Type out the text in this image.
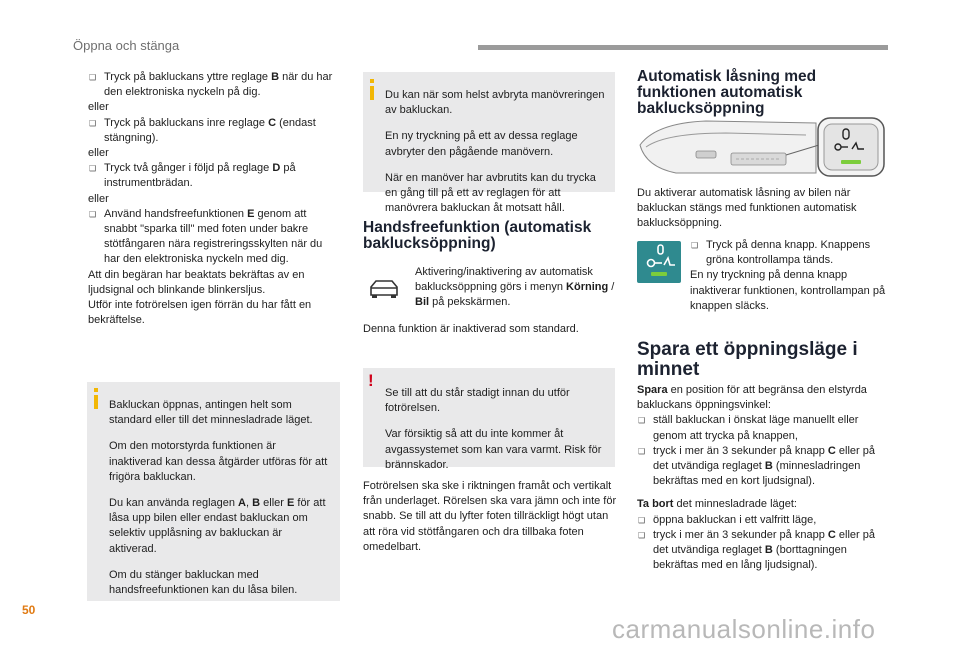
Öppna och stänga

❑ Tryck på bakluckans yttre reglage B när du har den elektroniska nyckeln på dig.

eller

❑ Tryck på bakluckans inre reglage C (endast stängning).

eller

❑ Tryck två gånger i följd på reglage D på instrumentbrädan.

eller

❑ Använd handsfreefunktionen E genom att snabbt "sparka till" med foten under bakre stötfångaren nära registreringsskylten när du har den elektroniska nyckeln med dig.

Att din begäran har beaktats bekräftas av en ljudsignal och blinkande blinkersljus.

Utför inte fotrörelsen igen förrän du har fått en bekräftelse.

Bakluckan öppnas, antingen helt som standard eller till det minnesladrade läget.

Om den motorstyrda funktionen är inaktiverad kan dessa åtgärder utföras för att frigöra bakluckan.

Du kan använda reglagen A, B eller E för att låsa upp bilen eller endast bakluckan om selektiv upplåsning av bakluckan är aktiverad.

Om du stänger bakluckan med handsfreefunktionen kan du låsa bilen.

Du kan när som helst avbryta manövreringen av bakluckan.

En ny tryckning på ett av dessa reglage avbryter den pågående manövern.

När en manöver har avbrutits kan du trycka en gång till på ett av reglagen för att manövrera bakluckan åt motsatt håll.

Handsfreefunktion (automatisk baklucksöppning)

Aktivering/inaktivering av automatisk baklucksöppning görs i menyn Körning / Bil på pekskärmen.

Denna funktion är inaktiverad som standard.

!

Se till att du står stadigt innan du utför fotrörelsen.

Var försiktig så att du inte kommer åt avgassystemet som kan vara varmt. Risk för brännskador.

Fotrörelsen ska ske i riktningen framåt och vertikalt från underlaget. Rörelsen ska vara jämn och inte för snabb. Se till att du lyfter foten tillräckligt högt utan att röra vid stötfångaren och dra tillbaka foten omedelbart.

Automatisk låsning med funktionen automatisk baklucksöppning

Du aktiverar automatisk låsning av bilen när bakluckan stängs med funktionen automatisk baklucksöppning.

❑ Tryck på denna knapp. Knappens gröna kontrollampa tänds.

En ny tryckning på denna knapp inaktiverar funktionen, kontrollampan på knappen släcks.

Spara ett öppningsläge i minnet

Spara en position för att begränsa den elstyrda bakluckans öppningsvinkel:

❑ ställ bakluckan i önskat läge manuellt eller genom att trycka på knappen,

❑ tryck i mer än 3 sekunder på knapp C eller på det utvändiga reglaget B (minnesladringen bekräftas med en kort ljudsignal).

Ta bort det minnesladrade läget:

❑ öppna bakluckan i ett valfritt läge,

❑ tryck i mer än 3 sekunder på knapp C eller på det utvändiga reglaget B (borttagningen bekräftas med en lång ljudsignal).

50
carmanualsonline.info
